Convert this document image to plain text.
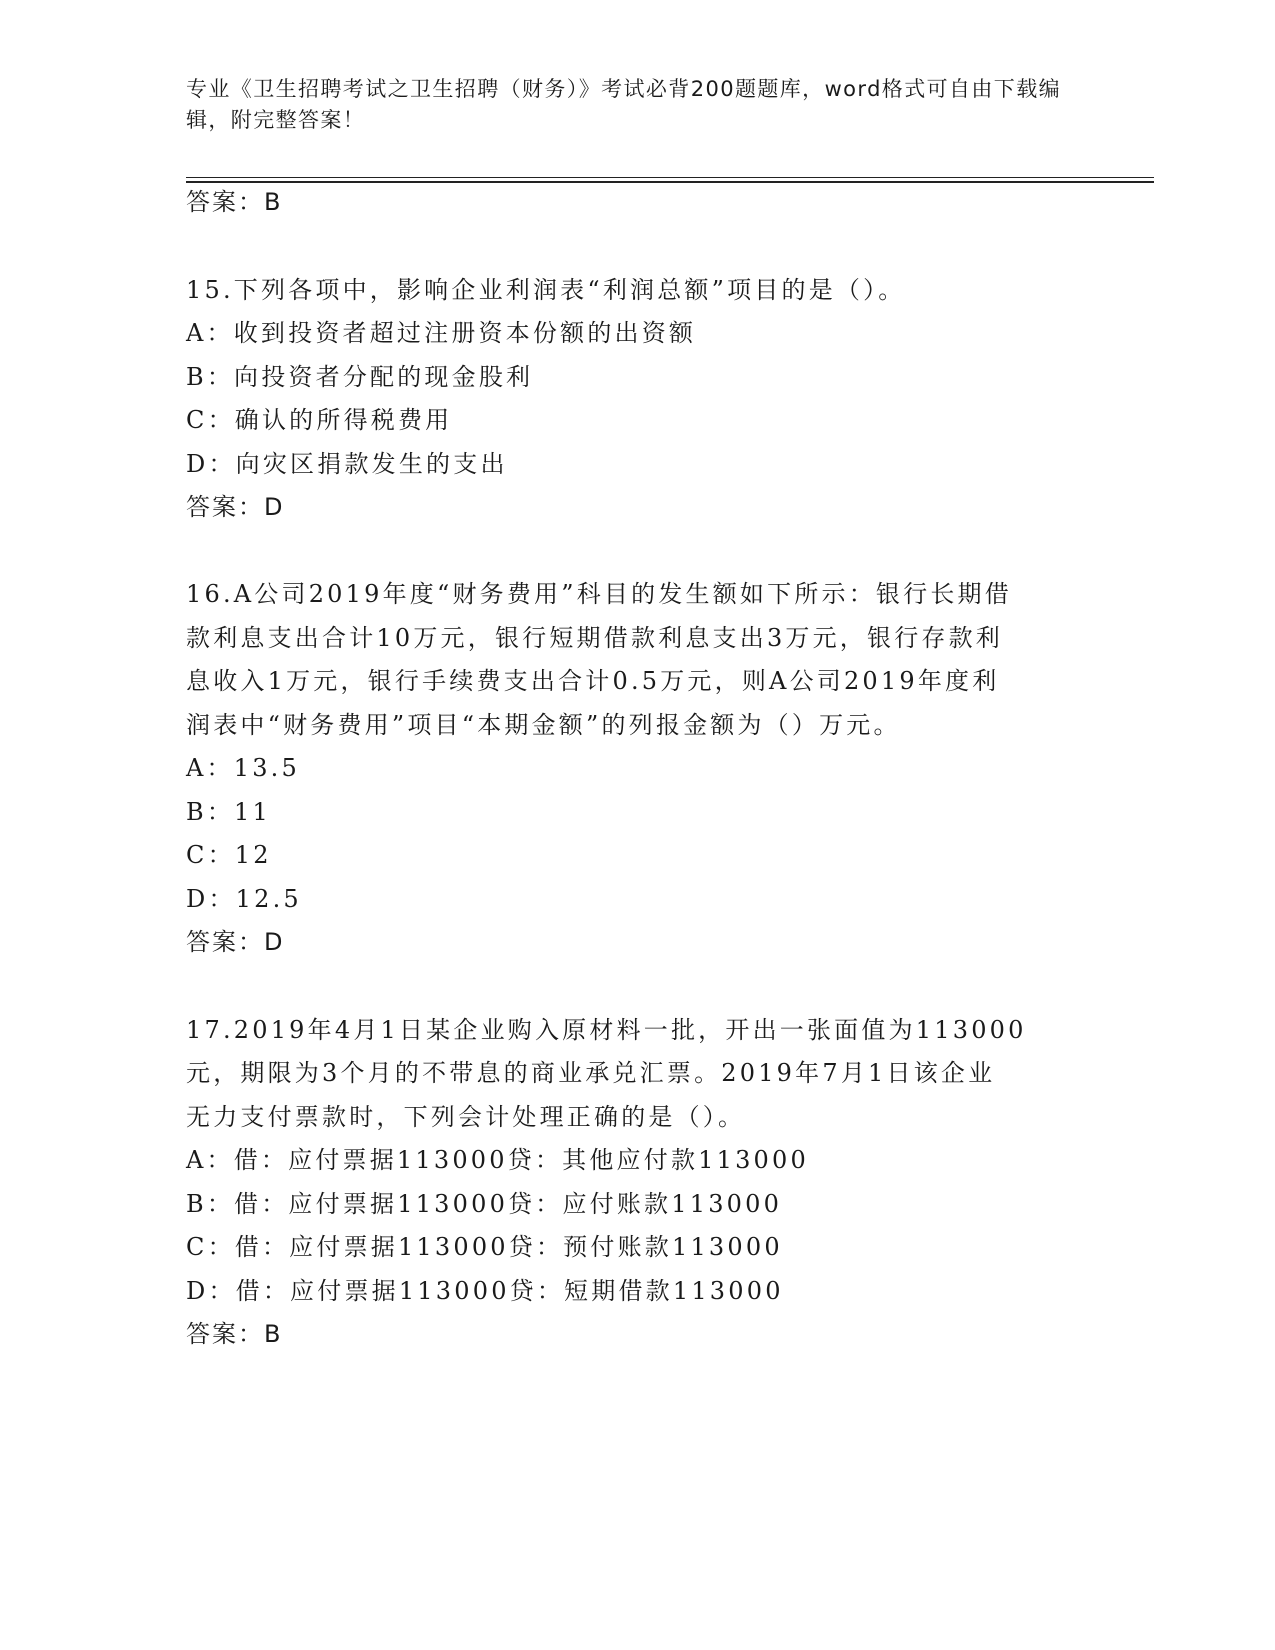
专业《卫生招聘考试之卫生招聘（财务）》考试必背200题题库，word格式可自由下载编辑，附完整答案！
答案：B
15.下列各项中，影响企业利润表“利润总额”项目的是（）。
A：收到投资者超过注册资本份额的出资额
B：向投资者分配的现金股利
C：确认的所得税费用
D：向灾区捐款发生的支出
答案：D
16.A公司2019年度“财务费用”科目的发生额如下所示：银行长期借
款利息支出合计10万元，银行短期借款利息支出3万元，银行存款利
息收入1万元，银行手续费支出合计0.5万元，则A公司2019年度利
润表中“财务费用”项目“本期金额”的列报金额为（）万元。
A：13.5
B：11
C：12
D：12.5
答案：D
17.2019年4月1日某企业购入原材料一批，开出一张面值为113000
元，期限为3个月的不带息的商业承兑汇票。2019年7月1日该企业
无力支付票款时，下列会计处理正确的是（）。
A：借：应付票据113000贷：其他应付款113000
B：借：应付票据113000贷：应付账款113000
C：借：应付票据113000贷：预付账款113000
D：借：应付票据113000贷：短期借款113000
答案：B
